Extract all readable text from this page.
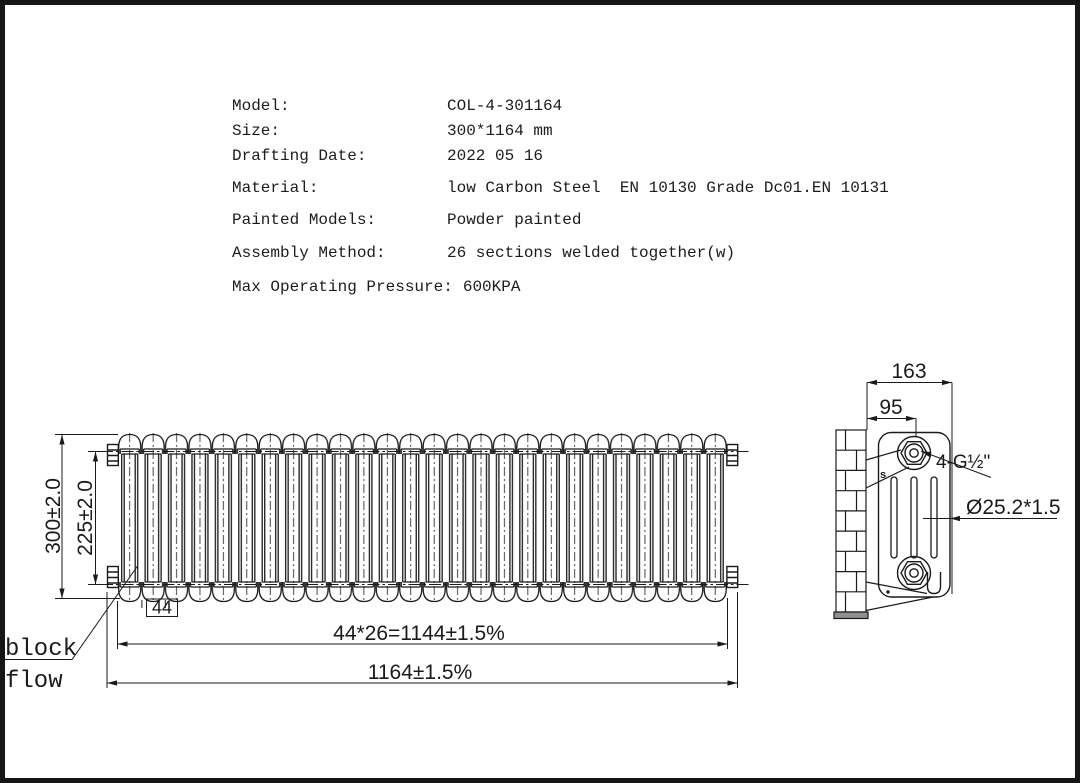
300±2.0 225±2.0
44
44*26=1144±1.5%
1164±1.5%
block
flow
163
95
4-G½"
Ø25.2*1.5
s
Model:	COL-4-301164
Size:	300*1164 mm
Drafting Date:	2022 05 16
Material:	low Carbon Steel  EN 10130 Grade Dc01.EN 10131
Painted Models:	Powder painted
Assembly Method:	26 sections welded together(w)
Max Operating Pressure: 600KPA
